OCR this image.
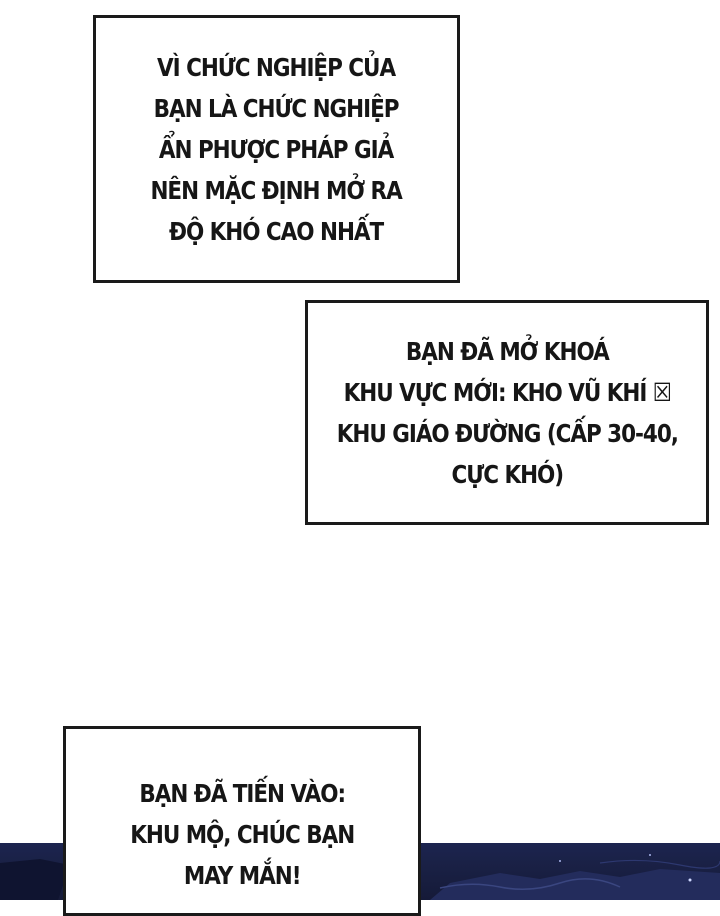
VÌ CHỨC NGHIỆP CỦA
BẠN LÀ CHỨC NGHIỆP
ẨN PHƯỢC PHÁP GIẢ
NÊN MẶC ĐỊNH MỞ RA
ĐỘ KHÓ CAO NHẤT
BẠN ĐÃ MỞ KHOÁ
KHU VỰC MỚI: KHO VŨ KHÍ ☒
KHU GIÁO ĐƯỜNG (CẤP 30-40,
CỰC KHÓ)
BẠN ĐÃ TIẾN VÀO:
KHU MỘ, CHÚC BẠN
MAY MẮN!
